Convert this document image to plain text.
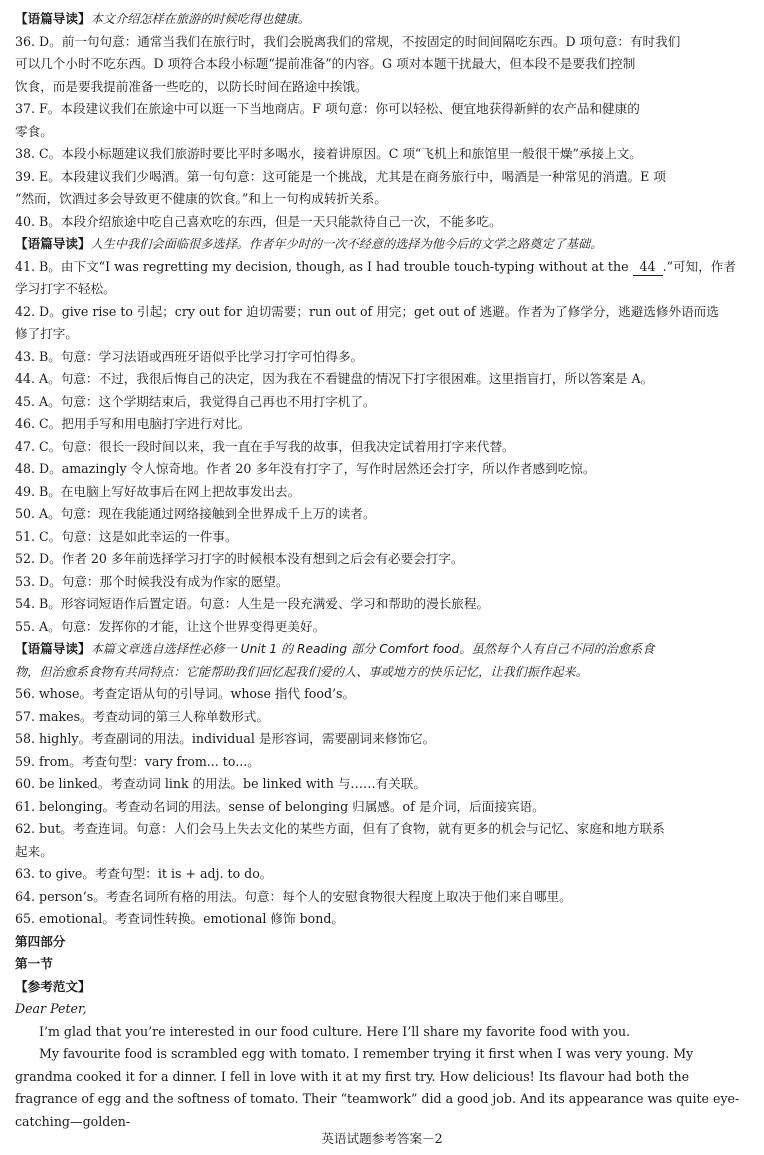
【语篇导读】本文介绍怎样在旅游的时候吃得也健康。
36. D。前一句句意：通常当我们在旅行时，我们会脱离我们的常规，不按固定的时间间隔吃东西。D 项句意：有时我们
可以几个小时不吃东西。D 项符合本段小标题“提前准备”的内容。G 项对本题干扰最大，但本段不是要我们控制
饮食，而是要我提前准备一些吃的，以防长时间在路途中挨饿。
37. F。本段建议我们在旅途中可以逛一下当地商店。F 项句意：你可以轻松、便宜地获得新鲜的农产品和健康的
零食。
38. C。本段小标题建议我们旅游时要比平时多喝水，接着讲原因。C 项“飞机上和旅馆里一般很干燥”承接上文。
39. E。本段建议我们少喝酒。第一句句意：这可能是一个挑战，尤其是在商务旅行中，喝酒是一种常见的消遣。E 项
“然而，饮酒过多会导致更不健康的饮食。”和上一句构成转折关系。
40. B。本段介绍旅途中吃自己喜欢吃的东西，但是一天只能款待自己一次，不能多吃。
【语篇导读】人生中我们会面临很多选择。作者年少时的一次不经意的选择为他今后的文学之路奠定了基础。
41. B。由下文“I was regretting my decision, though, as I had trouble touch-typing without at the 44 .”可知，作者
学习打字不轻松。
42. D。give rise to 引起；cry out for 迫切需要；run out of 用完；get out of 逃避。作者为了修学分，逃避选修外语而选
修了打字。
43. B。句意：学习法语或西班牙语似乎比学习打字可怕得多。
44. A。句意：不过，我很后悔自己的决定，因为我在不看键盘的情况下打字很困难。这里指盲打，所以答案是 A。
45. A。句意：这个学期结束后，我觉得自己再也不用打字机了。
46. C。把用手写和用电脑打字进行对比。
47. C。句意：很长一段时间以来，我一直在手写我的故事，但我决定试着用打字来代替。
48. D。amazingly 令人惊奇地。作者 20 多年没有打字了，写作时居然还会打字，所以作者感到吃惊。
49. B。在电脑上写好故事后在网上把故事发出去。
50. A。句意：现在我能通过网络接触到全世界成千上万的读者。
51. C。句意：这是如此幸运的一件事。
52. D。作者 20 多年前选择学习打字的时候根本没有想到之后会有必要会打字。
53. D。句意：那个时候我没有成为作家的愿望。
54. B。形容词短语作后置定语。句意：人生是一段充满爱、学习和帮助的漫长旅程。
55. A。句意：发挥你的才能，让这个世界变得更美好。
【语篇导读】本篇文章选自选择性必修一 Unit 1 的 Reading 部分 Comfort food。虽然每个人有自己不同的治愈系食
物，但治愈系食物有共同特点：它能帮助我们回忆起我们爱的人、事或地方的快乐记忆，让我们振作起来。
56. whose。考查定语从句的引导词。whose 指代 food’s。
57. makes。考查动词的第三人称单数形式。
58. highly。考查副词的用法。individual 是形容词，需要副词来修饰它。
59. from。考查句型：vary from... to...。
60. be linked。考查动词 link 的用法。be linked with 与……有关联。
61. belonging。考查动名词的用法。sense of belonging 归属感。of 是介词，后面接宾语。
62. but。考查连词。句意：人们会马上失去文化的某些方面，但有了食物，就有更多的机会与记忆、家庭和地方联系
起来。
63. to give。考查句型：it is + adj. to do。
64. person’s。考查名词所有格的用法。句意：每个人的安慰食物很大程度上取决于他们来自哪里。
65. emotional。考查词性转换。emotional 修饰 bond。
第四部分
第一节
【参考范文】
Dear Peter,
I’m glad that you’re interested in our food culture. Here I’ll share my favorite food with you.
My favourite food is scrambled egg with tomato. I remember trying it first when I was very young. My grandma cooked it for a dinner. I fell in love with it at my first try. How delicious! Its flavour had both the fragrance of egg and the softness of tomato. Their “teamwork” did a good job. And its appearance was quite eye-catching—golden-
英语试题参考答案－2
